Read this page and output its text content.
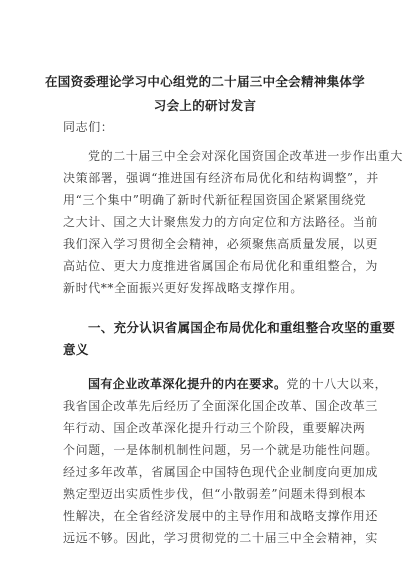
在国资委理论学习中心组党的二十届三中全会精神集体学
习会上的研讨发言
同志们：
党的二十届三中全会对深化国资国企改革进一步作出重大
决策部署，强调“推进国有经济布局优化和结构调整”，并
用“三个集中”明确了新时代新征程国资国企紧紧围绕党
之大计、国之大计聚焦发力的方向定位和方法路径。当前
我们深入学习贯彻全会精神，必须聚焦高质量发展，以更
高站位、更大力度推进省属国企布局优化和重组整合，为
新时代**全面振兴更好发挥战略支撑作用。
一、充分认识省属国企布局优化和重组整合攻坚的重要
意义
国有企业改革深化提升的内在要求。党的十八大以来，
我省国企改革先后经历了全面深化国企改革、国企改革三
年行动、国企改革深化提升行动三个阶段，重要解决两
个问题，一是体制机制性问题，另一个就是功能性问题。
经过多年改革，省属国企中国特色现代企业制度向更加成
熟定型迈出实质性步伐，但“小散弱差”问题未得到根本
性解决，在全省经济发展中的主导作用和战略支撑作用还
远远不够。因此，学习贯彻党的二十届三中全会精神，实
